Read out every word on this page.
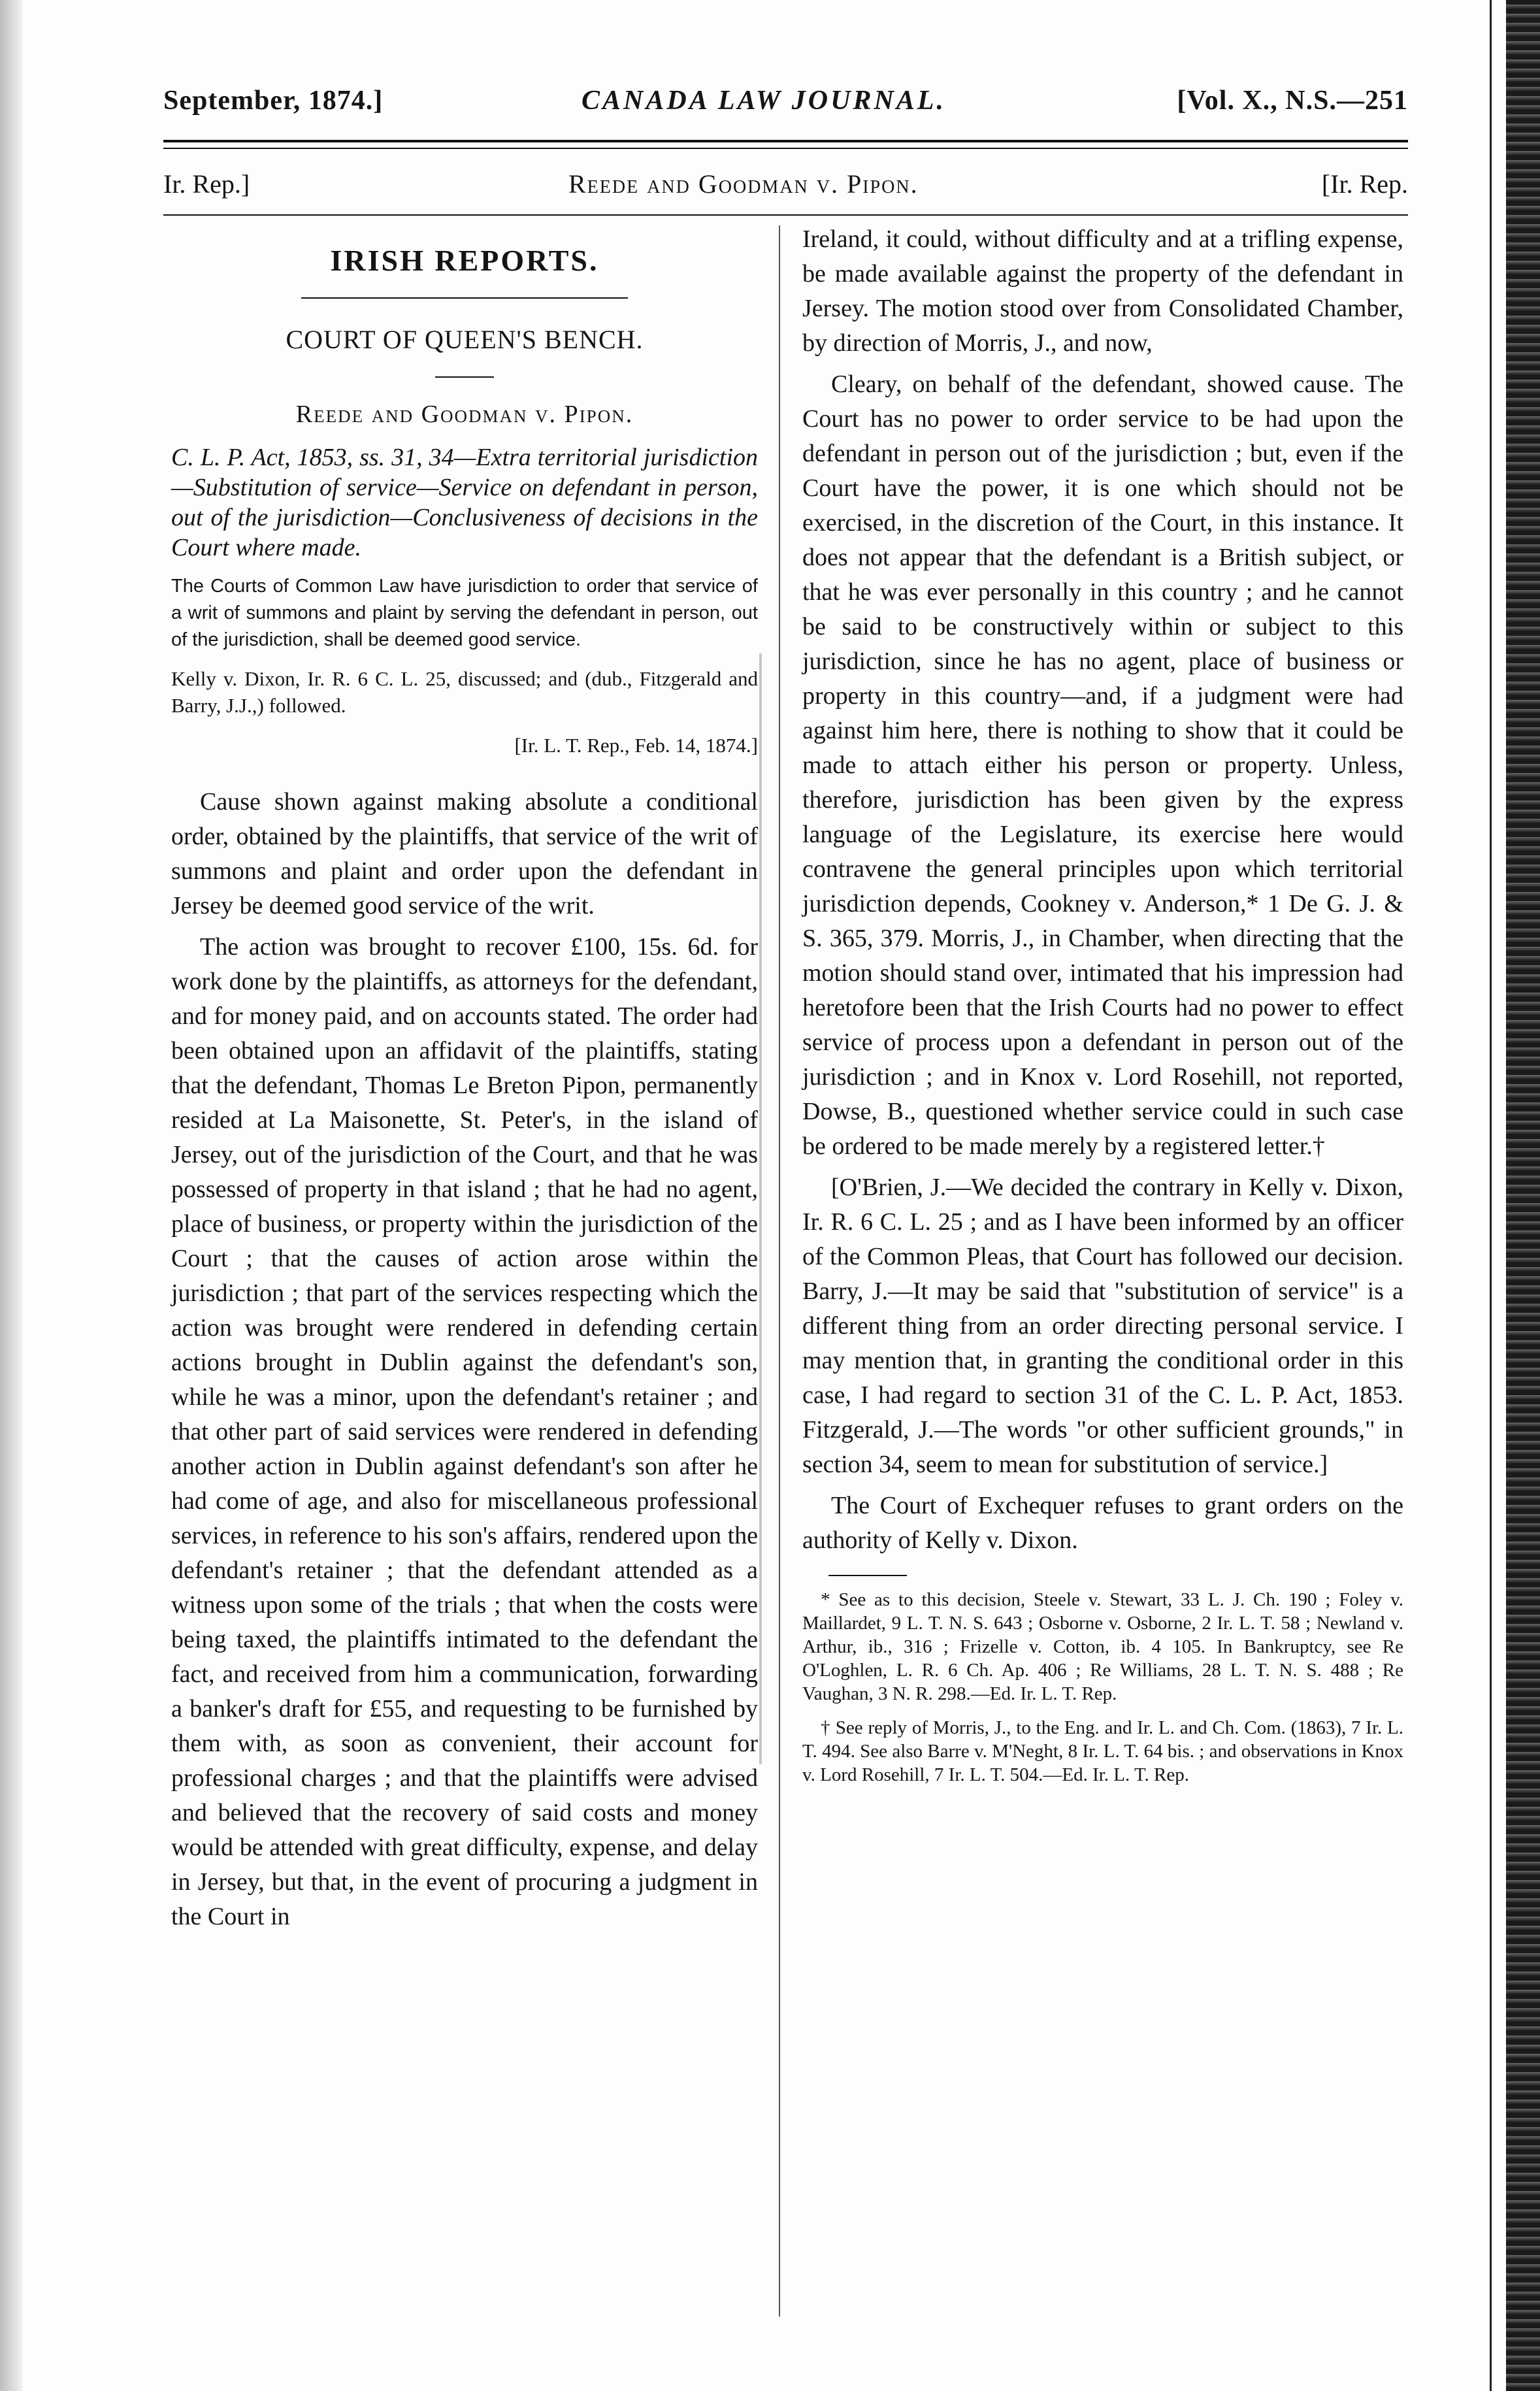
September, 1874.]	CANADA LAW JOURNAL.	[Vol. X., N.S.—251
Ir. Rep.]	Reede and Goodman v. Pipon.	[Ir. Rep.
IRISH REPORTS.
COURT OF QUEEN'S BENCH.
Reede and Goodman v. Pipon.
C. L. P. Act, 1853, ss. 31, 34—Extra territorial jurisdiction—Substitution of service—Service on defendant in person, out of the jurisdiction—Conclusiveness of decisions in the Court where made.
The Courts of Common Law have jurisdiction to order that service of a writ of summons and plaint by serving the defendant in person, out of the jurisdiction, shall be deemed good service.
Kelly v. Dixon, Ir. R. 6 C. L. 25, discussed; and (dub., Fitzgerald and Barry, J.J.,) followed.
[Ir. L. T. Rep., Feb. 14, 1874.]

Cause shown against making absolute a conditional order, obtained by the plaintiffs, that service of the writ of summons and plaint and order upon the defendant in Jersey be deemed good service of the writ.

The action was brought to recover £100, 15s. 6d. for work done by the plaintiffs, as attorneys for the defendant, and for money paid, and on accounts stated. The order had been obtained upon an affidavit of the plaintiffs, stating that the defendant, Thomas Le Breton Pipon, permanently resided at La Maisonette, St. Peter's, in the island of Jersey, out of the jurisdiction of the Court, and that he was possessed of property in that island ; that he had no agent, place of business, or property within the jurisdiction of the Court ; that the causes of action arose within the jurisdiction ; that part of the services respecting which the action was brought were rendered in defending certain actions brought in Dublin against the defendant's son, while he was a minor, upon the defendant's retainer ; and that other part of said services were rendered in defending another action in Dublin against defendant's son after he had come of age, and also for miscellaneous professional services, in reference to his son's affairs, rendered upon the defendant's retainer ; that the defendant attended as a witness upon some of the trials ; that when the costs were being taxed, the plaintiffs intimated to the defendant the fact, and received from him a communication, forwarding a banker's draft for £55, and requesting to be furnished by them with, as soon as convenient, their account for professional charges ; and that the plaintiffs were advised and believed that the recovery of said costs and money would be attended with great difficulty, expense, and delay in Jersey, but that, in the event of procuring a judgment in the Court in

Ireland, it could, without difficulty and at a trifling expense, be made available against the property of the defendant in Jersey. The motion stood over from Consolidated Chamber, by direction of Morris, J., and now,

Cleary, on behalf of the defendant, showed cause. The Court has no power to order service to be had upon the defendant in person out of the jurisdiction ; but, even if the Court have the power, it is one which should not be exercised, in the discretion of the Court, in this instance. It does not appear that the defendant is a British subject, or that he was ever personally in this country ; and he cannot be said to be constructively within or subject to this jurisdiction, since he has no agent, place of business or property in this country—and, if a judgment were had against him here, there is nothing to show that it could be made to attach either his person or property. Unless, therefore, jurisdiction has been given by the express language of the Legislature, its exercise here would contravene the general principles upon which territorial jurisdiction depends, Cookney v. Anderson,* 1 De G. J. & S. 365, 379. Morris, J., in Chamber, when directing that the motion should stand over, intimated that his impression had heretofore been that the Irish Courts had no power to effect service of process upon a defendant in person out of the jurisdiction ; and in Knox v. Lord Rosehill, not reported, Dowse, B., questioned whether service could in such case be ordered to be made merely by a registered letter.†

[O'Brien, J.—We decided the contrary in Kelly v. Dixon, Ir. R. 6 C. L. 25 ; and as I have been informed by an officer of the Common Pleas, that Court has followed our decision. Barry, J.—It may be said that "substitution of service" is a different thing from an order directing personal service. I may mention that, in granting the conditional order in this case, I had regard to section 31 of the C. L. P. Act, 1853. Fitzgerald, J.—The words "or other sufficient grounds," in section 34, seem to mean for substitution of service.]

The Court of Exchequer refuses to grant orders on the authority of Kelly v. Dixon.

* See as to this decision, Steele v. Stewart, 33 L. J. Ch. 190 ; Foley v. Maillardet, 9 L. T. N. S. 643 ; Osborne v. Osborne, 2 Ir. L. T. 58 ; Newland v. Arthur, ib., 316 ; Frizelle v. Cotton, ib. 4 105. In Bankruptcy, see Re O'Loghlen, L. R. 6 Ch. Ap. 406 ; Re Williams, 28 L. T. N. S. 488 ; Re Vaughan, 3 N. R. 298.—Ed. Ir. L. T. Rep.
† See reply of Morris, J., to the Eng. and Ir. L. and Ch. Com. (1863), 7 Ir. L. T. 494. See also Barre v. M'Neght, 8 Ir. L. T. 64 bis. ; and observations in Knox v. Lord Rosehill, 7 Ir. L. T. 504.—Ed. Ir. L. T. Rep.
